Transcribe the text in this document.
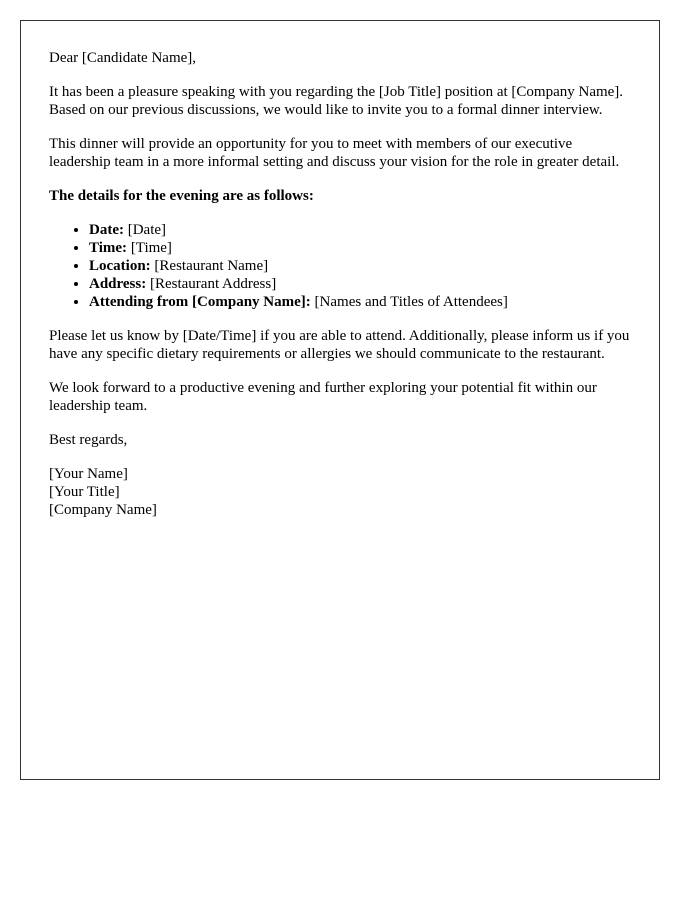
Dear [Candidate Name],

It has been a pleasure speaking with you regarding the [Job Title] position at [Company Name]. Based on our previous discussions, we would like to invite you to a formal dinner interview.

This dinner will provide an opportunity for you to meet with members of our executive leadership team in a more informal setting and discuss your vision for the role in greater detail.

The details for the evening are as follows:

• Date: [Date]
• Time: [Time]
• Location: [Restaurant Name]
• Address: [Restaurant Address]
• Attending from [Company Name]: [Names and Titles of Attendees]

Please let us know by [Date/Time] if you are able to attend. Additionally, please inform us if you have any specific dietary requirements or allergies we should communicate to the restaurant.

We look forward to a productive evening and further exploring your potential fit within our leadership team.

Best regards,

[Your Name]

[Your Title]

[Company Name]
